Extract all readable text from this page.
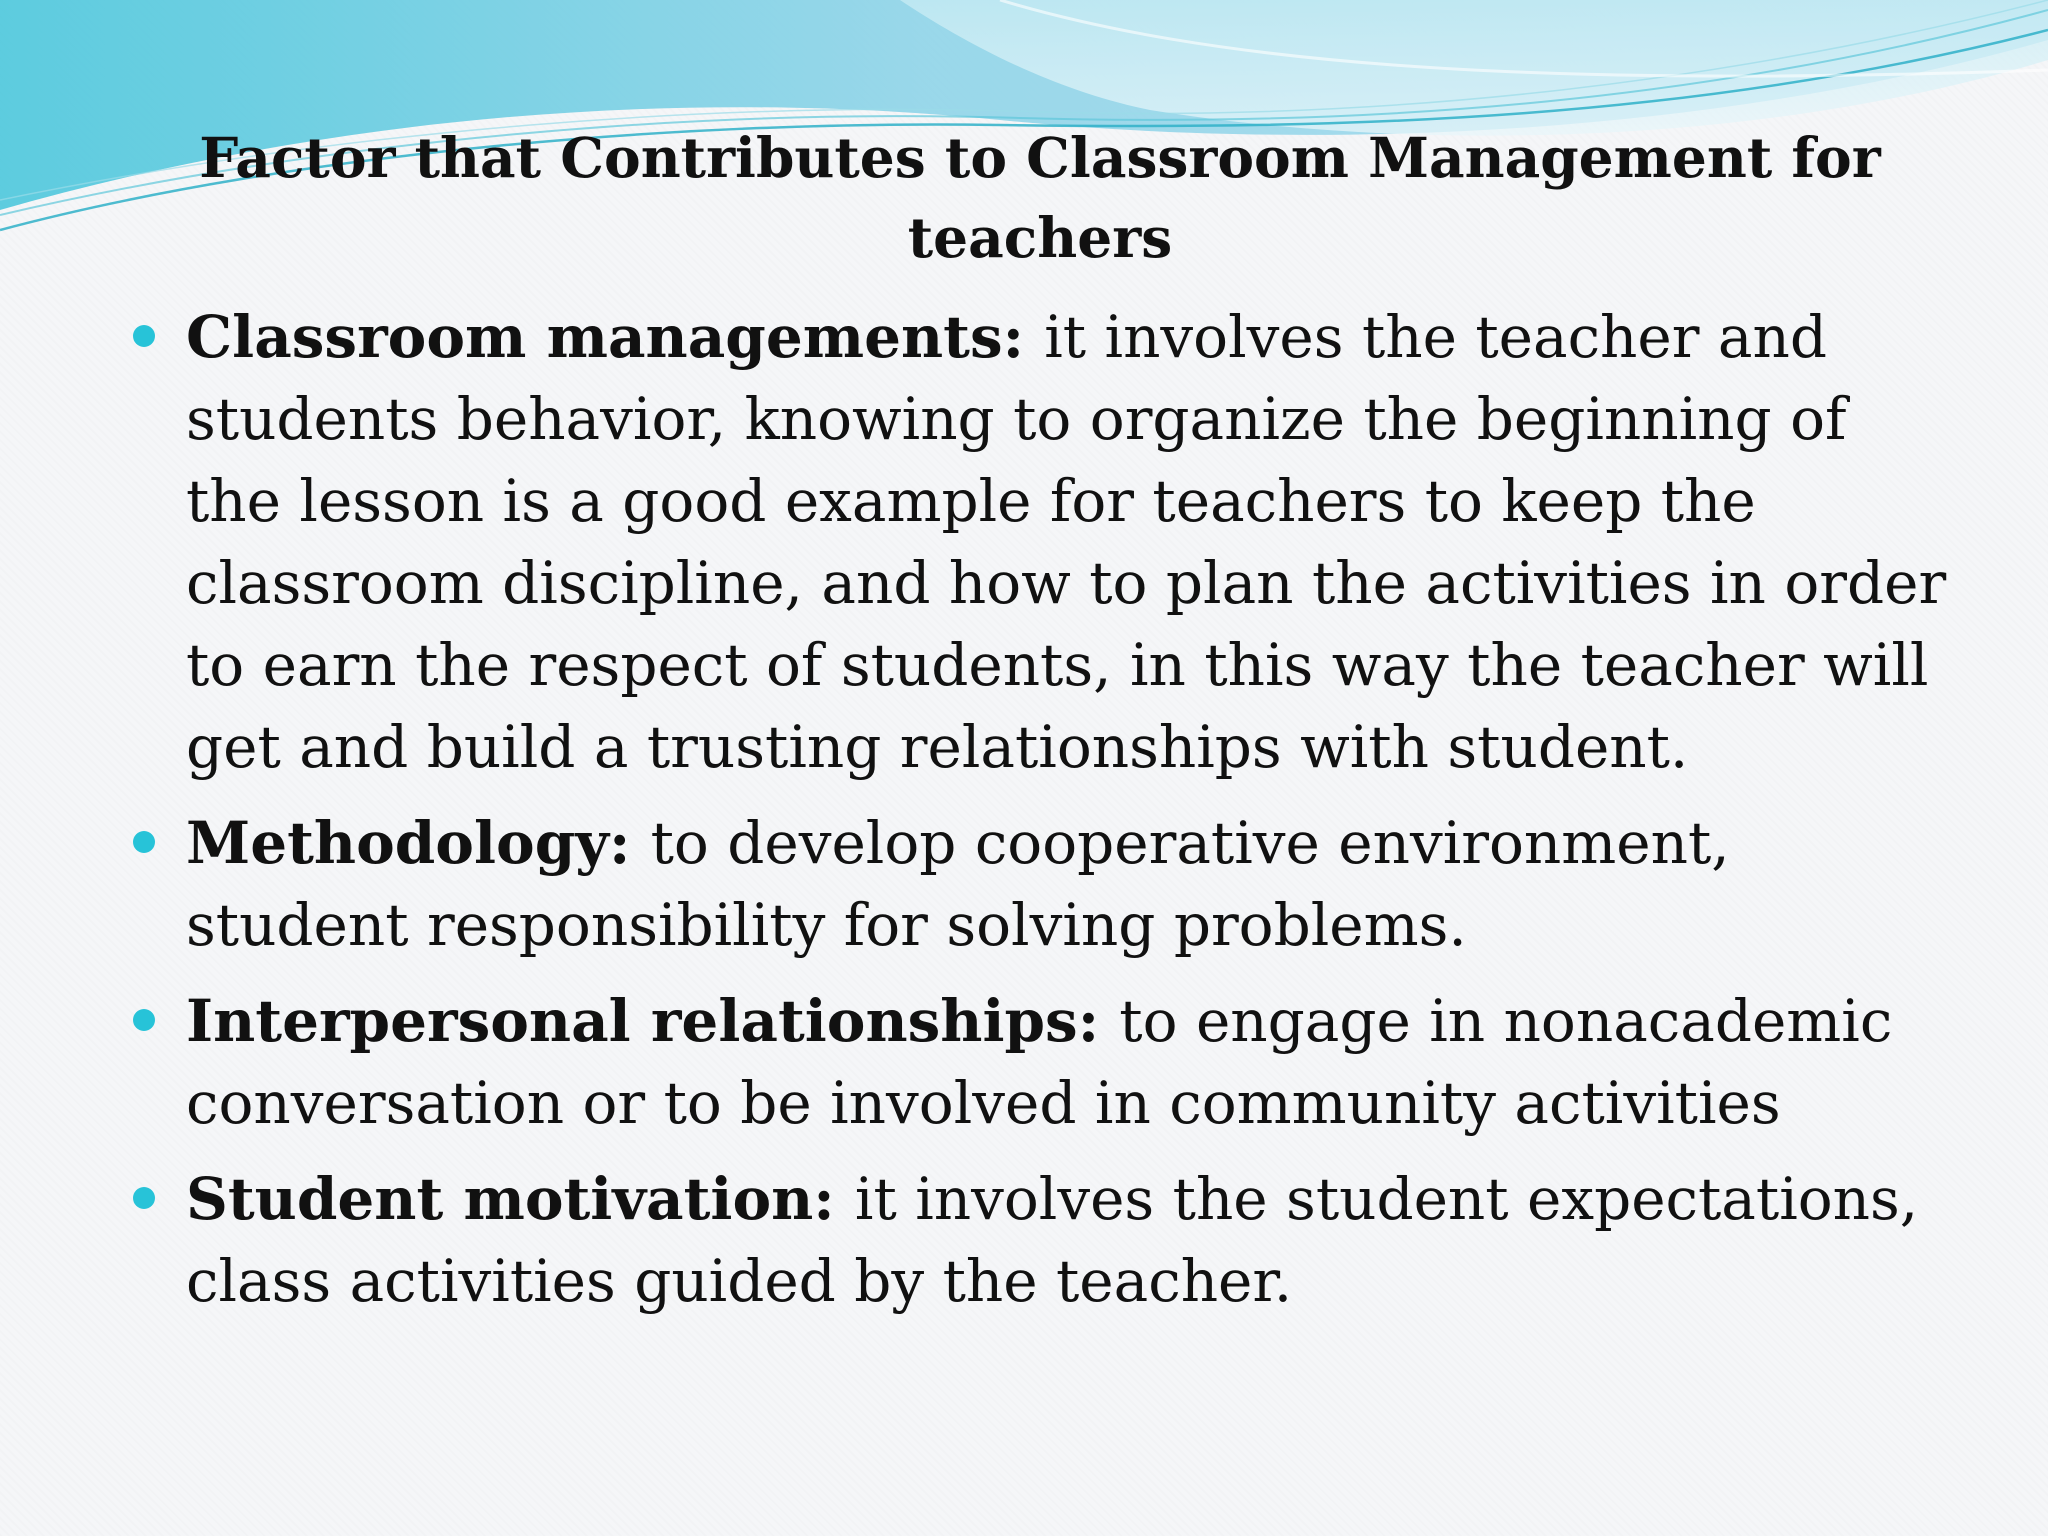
Factor that Contributes to Classroom Management for teachers
Classroom managements: it involves the teacher and students behavior, knowing to organize the beginning of the lesson is a good example for teachers to keep the classroom discipline, and how to plan the activities in order to earn the respect of students, in this way the teacher will get and build a trusting relationships with student.
Methodology: to develop cooperative environment, student responsibility for solving problems.
Interpersonal relationships: to engage in nonacademic conversation or to be involved in community activities
Student motivation: it involves the student expectations, class activities guided by the teacher.
